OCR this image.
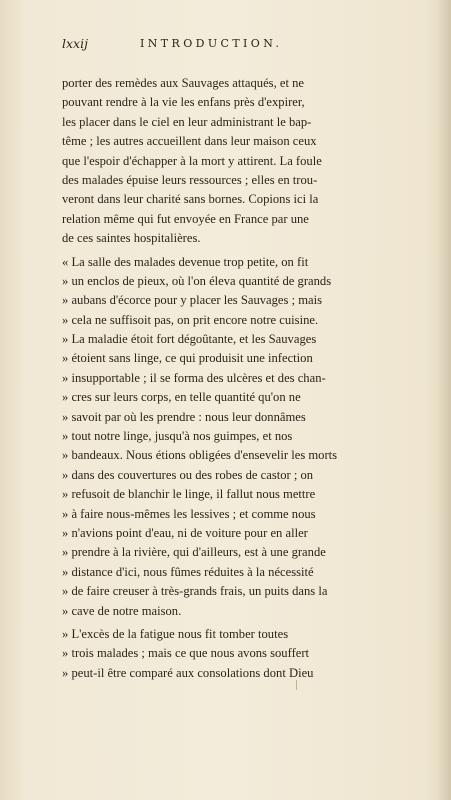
lxxij	INTRODUCTION.
porter des remèdes aux Sauvages attaqués, et ne
pouvant rendre à la vie les enfans près d'expirer,
les placer dans le ciel en leur administrant le bap-
tême ; les autres accueillent dans leur maison ceux
que l'espoir d'échapper à la mort y attirent. La foule
des malades épuise leurs ressources ; elles en trou-
veront dans leur charité sans bornes. Copions ici la
relation même qui fut envoyée en France par une
de ces saintes hospitalières.
« La salle des malades devenue trop petite, on fit
» un enclos de pieux, où l'on éleva quantité de grands
» aubans d'écorce pour y placer les Sauvages ; mais
» cela ne suffisoit pas, on prit encore notre cuisine.
» La maladie étoit fort dégoûtante, et les Sauvages
» étoient sans linge, ce qui produisit une infection
» insupportable ; il se forma des ulcères et des chan-
» cres sur leurs corps, en telle quantité qu'on ne
» savoit par où les prendre : nous leur donnâmes
» tout notre linge, jusqu'à nos guimpes, et nos
» bandeaux. Nous étions obligées d'ensevelir les morts
» dans des couvertures ou des robes de castor ; on
» refusoit de blanchir le linge, il fallut nous mettre
» à faire nous-mêmes les lessives ; et comme nous
» n'avions point d'eau, ni de voiture pour en aller
» prendre à la rivière, qui d'ailleurs, est à une grande
» distance d'ici, nous fûmes réduites à la nécessité
» de faire creuser à très-grands frais, un puits dans la
» cave de notre maison.
» L'excès de la fatigue nous fit tomber toutes
» trois malades ; mais ce que nous avons souffert
» peut-il être comparé aux consolations dont Dieu
